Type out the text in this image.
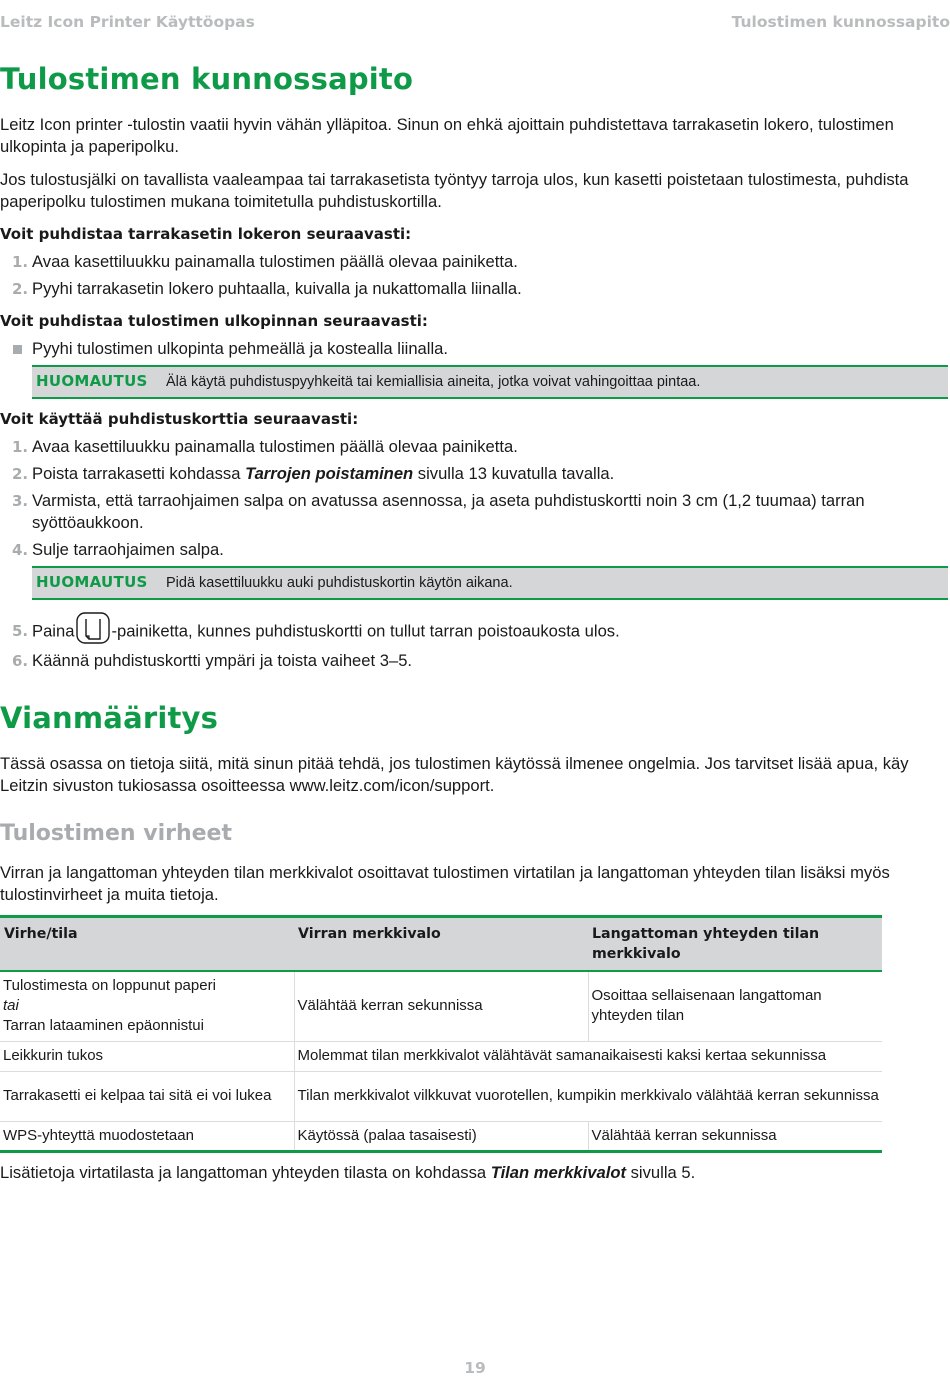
Leitz Icon Printer Käyttöopas	Tulostimen kunnossapito
Tulostimen kunnossapito

Leitz Icon printer -tulostin vaatii hyvin vähän ylläpitoa. Sinun on ehkä ajoittain puhdistettava tarrakasetin lokero, tulostimen ulkopinta ja paperipolku.

Jos tulostusjälki on tavallista vaaleampaa tai tarrakasetista työntyy tarroja ulos, kun kasetti poistetaan tulostimesta, puhdista paperipolku tulostimen mukana toimitetulla puhdistuskortilla.

Voit puhdistaa tarrakasetin lokeron seuraavasti:
1. Avaa kasettiluukku painamalla tulostimen päällä olevaa painiketta.
2. Pyyhi tarrakasetin lokero puhtaalla, kuivalla ja nukattomalla liinalla.
Voit puhdistaa tulostimen ulkopinnan seuraavasti:
Pyyhi tulostimen ulkopinta pehmeällä ja kostealla liinalla.
HUOMAUTUS Älä käytä puhdistuspyyhkeitä tai kemiallisia aineita, jotka voivat vahingoittaa pintaa.
Voit käyttää puhdistuskorttia seuraavasti:
1. Avaa kasettiluukku painamalla tulostimen päällä olevaa painiketta.
2. Poista tarrakasetti kohdassa Tarrojen poistaminen sivulla 13 kuvatulla tavalla.
3. Varmista, että tarraohjaimen salpa on avatussa asennossa, ja aseta puhdistuskortti noin 3 cm (1,2 tuumaa) tarran syöttöaukkoon.
4. Sulje tarraohjaimen salpa.
HUOMAUTUS Pidä kasettiluukku auki puhdistuskortin käytön aikana.
5. Paina -painiketta, kunnes puhdistuskortti on tullut tarran poistoaukosta ulos.
6. Käännä puhdistuskortti ympäri ja toista vaiheet 3–5.
Vianmääritys

Tässä osassa on tietoja siitä, mitä sinun pitää tehdä, jos tulostimen käytössä ilmenee ongelmia. Jos tarvitset lisää apua, käy Leitzin sivuston tukiosassa osoitteessa www.leitz.com/icon/support.

Tulostimen virheet

Virran ja langattoman yhteyden tilan merkkivalot osoittavat tulostimen virtatilan ja langattoman yhteyden tilan lisäksi myös tulostinvirheet ja muita tietoja.

Virhe/tila	Virran merkkivalo	Langattoman yhteyden tilan merkkivalo

Tulostimesta on loppunut paperi
tai
Tarran lataaminen epäonnistui	Välähtää kerran sekunnissa	Osoittaa sellaisenaan langattoman yhteyden tilan
Leikkurin tukos	Molemmat tilan merkkivalot välähtävät samanaikaisesti kaksi kertaa sekunnissa	
Tarrakasetti ei kelpaa tai sitä ei voi lukea	Tilan merkkivalot vilkkuvat vuorotellen, kumpikin merkkivalo välähtää kerran sekunnissa	
WPS-yhteyttä muodostetaan	Käytössä (palaa tasaisesti)	Välähtää kerran sekunnissa

Lisätietoja virtatilasta ja langattoman yhteyden tilasta on kohdassa Tilan merkkivalot sivulla 5.

19
